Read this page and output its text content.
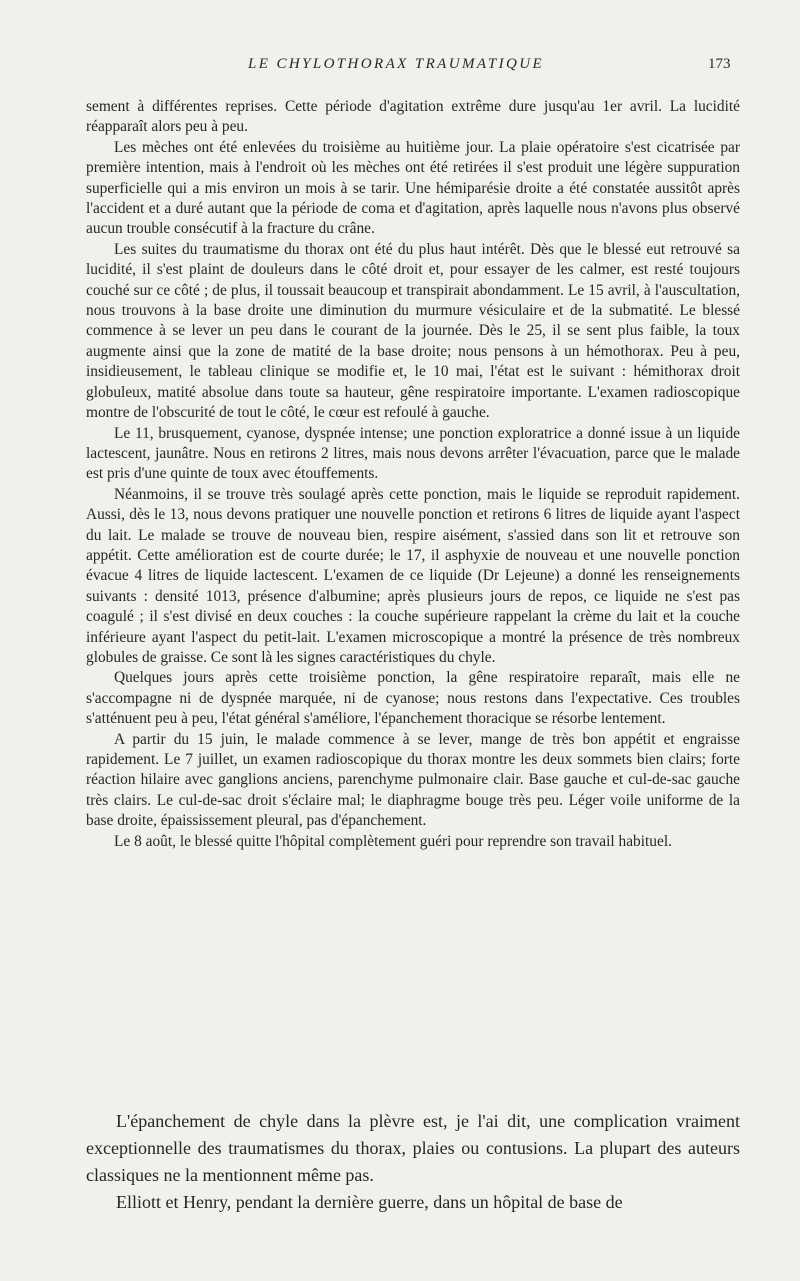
LE CHYLOTHORAX TRAUMATIQUE	173

sement à différentes reprises. Cette période d'agitation extrême dure jusqu'au 1er avril. La lucidité réapparaît alors peu à peu.

Les mèches ont été enlevées du troisième au huitième jour. La plaie opératoire s'est cicatrisée par première intention, mais à l'endroit où les mèches ont été retirées il s'est produit une légère suppuration superficielle qui a mis environ un mois à se tarir. Une hémiparésie droite a été constatée aussitôt après l'accident et a duré autant que la période de coma et d'agitation, après laquelle nous n'avons plus observé aucun trouble consécutif à la fracture du crâne.

Les suites du traumatisme du thorax ont été du plus haut intérêt. Dès que le blessé eut retrouvé sa lucidité, il s'est plaint de douleurs dans le côté droit et, pour essayer de les calmer, est resté toujours couché sur ce côté ; de plus, il toussait beaucoup et transpirait abondamment. Le 15 avril, à l'auscultation, nous trouvons à la base droite une diminution du murmure vésiculaire et de la submatité. Le blessé commence à se lever un peu dans le courant de la journée. Dès le 25, il se sent plus faible, la toux augmente ainsi que la zone de matité de la base droite; nous pensons à un hémothorax. Peu à peu, insidieusement, le tableau clinique se modifie et, le 10 mai, l'état est le suivant : hémithorax droit globuleux, matité absolue dans toute sa hauteur, gêne respiratoire importante. L'examen radioscopique montre de l'obscurité de tout le côté, le cœur est refoulé à gauche.

Le 11, brusquement, cyanose, dyspnée intense; une ponction exploratrice a donné issue à un liquide lactescent, jaunâtre. Nous en retirons 2 litres, mais nous devons arrêter l'évacuation, parce que le malade est pris d'une quinte de toux avec étouffements.

Néanmoins, il se trouve très soulagé après cette ponction, mais le liquide se reproduit rapidement. Aussi, dès le 13, nous devons pratiquer une nouvelle ponction et retirons 6 litres de liquide ayant l'aspect du lait. Le malade se trouve de nouveau bien, respire aisément, s'assied dans son lit et retrouve son appétit. Cette amélioration est de courte durée; le 17, il asphyxie de nouveau et une nouvelle ponction évacue 4 litres de liquide lactescent. L'examen de ce liquide (Dr Lejeune) a donné les renseignements suivants : densité 1013, présence d'albumine; après plusieurs jours de repos, ce liquide ne s'est pas coagulé ; il s'est divisé en deux couches : la couche supérieure rappelant la crème du lait et la couche inférieure ayant l'aspect du petit-lait. L'examen microscopique a montré la présence de très nombreux globules de graisse. Ce sont là les signes caractéristiques du chyle.

Quelques jours après cette troisième ponction, la gêne respiratoire reparaît, mais elle ne s'accompagne ni de dyspnée marquée, ni de cyanose; nous restons dans l'expectative. Ces troubles s'atténuent peu à peu, l'état général s'améliore, l'épanchement thoracique se résorbe lentement.

A partir du 15 juin, le malade commence à se lever, mange de très bon appétit et engraisse rapidement. Le 7 juillet, un examen radioscopique du thorax montre les deux sommets bien clairs; forte réaction hilaire avec ganglions anciens, parenchyme pulmonaire clair. Base gauche et cul-de-sac gauche très clairs. Le cul-de-sac droit s'éclaire mal; le diaphragme bouge très peu. Léger voile uniforme de la base droite, épaississement pleural, pas d'épanchement.

Le 8 août, le blessé quitte l'hôpital complètement guéri pour reprendre son travail habituel.

L'épanchement de chyle dans la plèvre est, je l'ai dit, une complication vraiment exceptionnelle des traumatismes du thorax, plaies ou contusions. La plupart des auteurs classiques ne la mentionnent même pas.

Elliott et Henry, pendant la dernière guerre, dans un hôpital de base de
